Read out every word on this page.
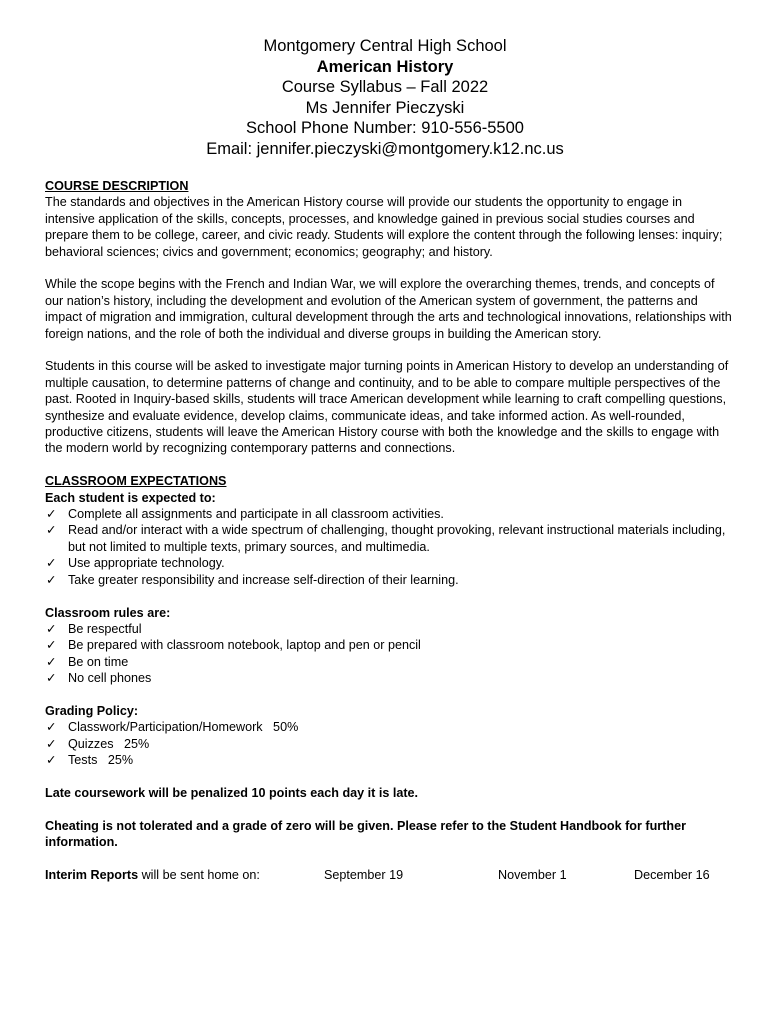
Montgomery Central High School
American History
Course Syllabus – Fall 2022
Ms Jennifer Pieczyski
School Phone Number: 910-556-5500
Email: jennifer.pieczyski@montgomery.k12.nc.us
COURSE DESCRIPTION

The standards and objectives in the American History course will provide our students the opportunity to engage in intensive application of the skills, concepts, processes, and knowledge gained in previous social studies courses and prepare them to be college, career, and civic ready. Students will explore the content through the following lenses: inquiry; behavioral sciences; civics and government; economics; geography; and history.

While the scope begins with the French and Indian War, we will explore the overarching themes, trends, and concepts of our nation’s history, including the development and evolution of the American system of government, the patterns and impact of migration and immigration, cultural development through the arts and technological innovations, relationships with foreign nations, and the role of both the individual and diverse groups in building the American story.

Students in this course will be asked to investigate major turning points in American History to develop an understanding of multiple causation, to determine patterns of change and continuity, and to be able to compare multiple perspectives of the past. Rooted in Inquiry-based skills, students will trace American development while learning to craft compelling questions, synthesize and evaluate evidence, develop claims, communicate ideas, and take informed action. As well-rounded, productive citizens, students will leave the American History course with both the knowledge and the skills to engage with the modern world by recognizing contemporary patterns and connections.

CLASSROOM EXPECTATIONS
Each student is expected to:
✓ Complete all assignments and participate in all classroom activities.
✓ Read and/or interact with a wide spectrum of challenging, thought provoking, relevant instructional materials including, but not limited to multiple texts, primary sources, and multimedia.
✓ Use appropriate technology.
✓ Take greater responsibility and increase self-direction of their learning.
Classroom rules are:
✓ Be respectful
✓ Be prepared with classroom notebook, laptop and pen or pencil
✓ Be on time
✓ No cell phones
Grading Policy:
✓ Classwork/Participation/Homework   50%
✓ Quizzes   25%
✓ Tests   25%

Late coursework will be penalized 10 points each day it is late.

Cheating is not tolerated and a grade of zero will be given. Please refer to the Student Handbook for further information.

Interim Reports will be sent home on:	September 19	November 1	December 16
